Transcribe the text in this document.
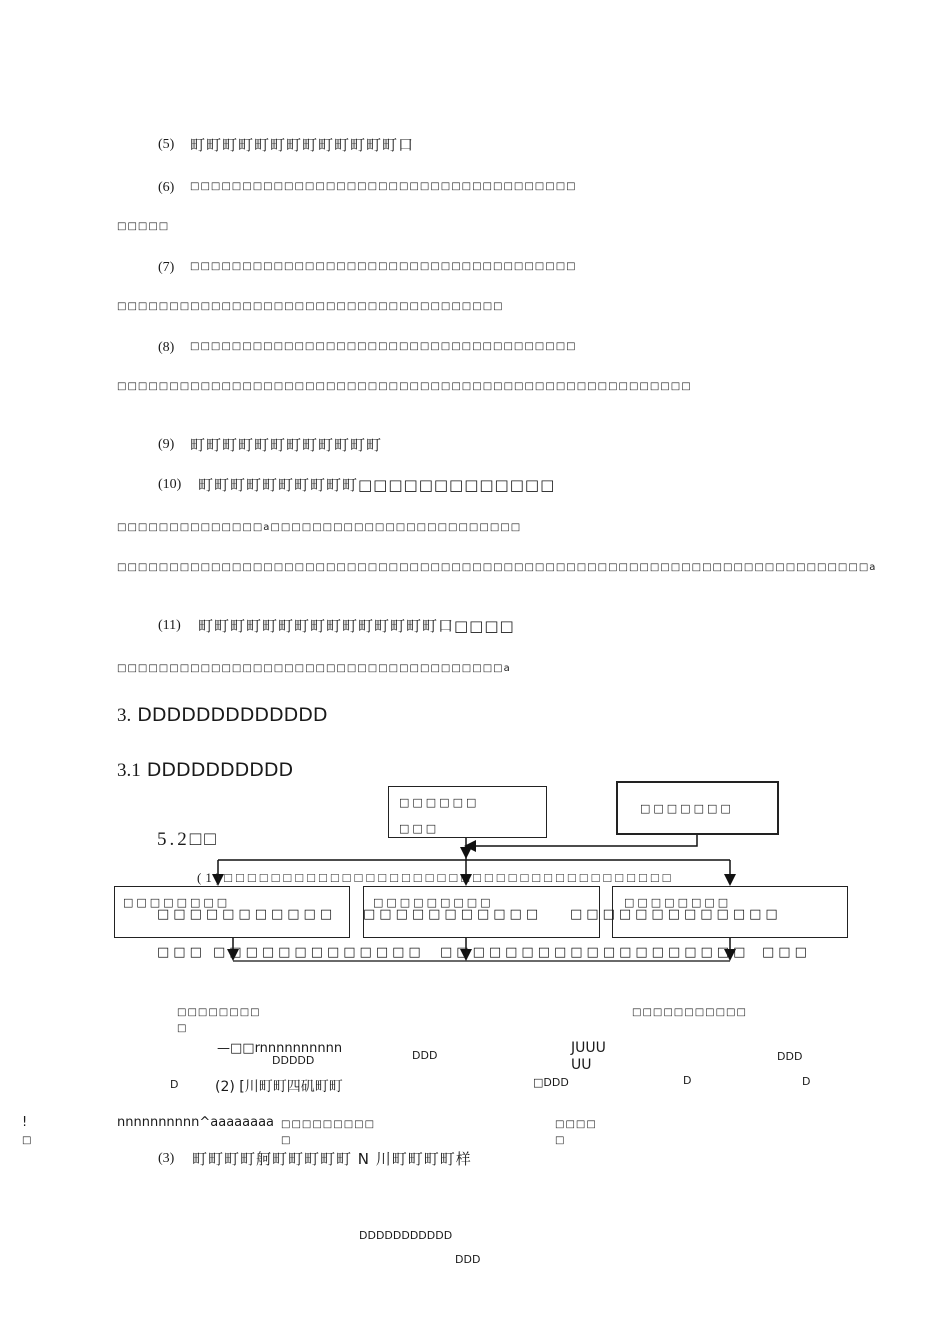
(5) 町町町町町町町町町町町町町口
(6) □□□□□□□□□□□□□□□□□□□□□□□□□□□□□□□□□□□□□
□□□□□
(7) □□□□□□□□□□□□□□□□□□□□□□□□□□□□□□□□□□□□□
□□□□□□□□□□□□□□□□□□□□□□□□□□□□□□□□□□□□□
(8) □□□□□□□□□□□□□□□□□□□□□□□□□□□□□□□□□□□□□
□□□□□□□□□□□□□□□□□□□□□□□□□□□□□□□□□□□□□□□□□□□□□□□□□□□□□□□
(9) 町町町町町町町町町町町町
(10) 町町町町町町町町町町□□□□□□□□□□□□□
□□□□□□□□□□□□□□a□□□□□□□□□□□□□□□□□□□□□□□□
□□□□□□□□□□□□□□□□□□□□□□□□□□□□□□□□□□□□□□□□□□□□□□□□□□□□□□□□□□□□□□□□□□□□□□□□a
(11) 町町町町町町町町町町町町町町町口□□□□
□□□□□□□□□□□□□□□□□□□□□□□□□□□□□□□□□□□□□a
3. DDDDDDDDDDDDD
3.1 DDDDDDDDDD
□□□□□□
□□□
□□□□□□□
5.2□□
(1)□□□□□□□□□□□□□□□□□□□□□□□□□□□□□□□□□□□□□□
□□□□□□□□
□□□□□□□□□□□
□□□□□□□□□
□□□□□□□□□□□
□□□□□□□□
□□□□□□□□□□□□□
□□□ □□□□□□□□□□□□□ □□□□□□□□□□□□□□□□□□□ □□□
□□□□□□□□
□
□□□□□□□□□□□
—□□rnnnnnnnnnn
DDDDD	DDD	JUUU
UU
DDD
D	(2) [川町町四矶町町	□DDD	D	D
!
□
nnnnnnnnnn^aaaaaaaa □□□□□□□□□
□
□□□□
□
(3) 町町町町舸町町町町町 N 川町町町町样
DDDDDDDDDDD
DDD
